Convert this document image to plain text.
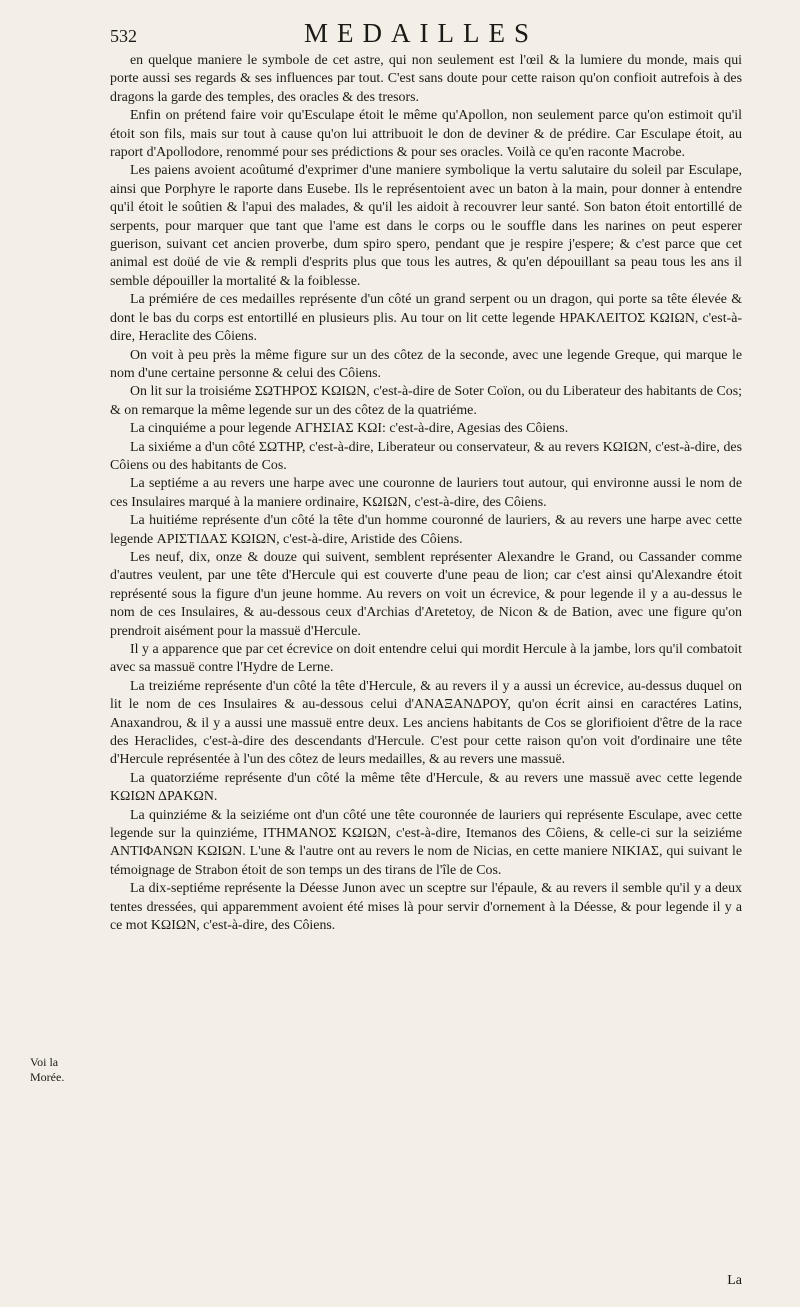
532	MEDAILLES

en quelque maniere le symbole de cet astre, qui non seulement est l'œil & la lumiere du monde, mais qui porte aussi ses regards & ses influences par tout. C'est sans doute pour cette raison qu'on confioit autrefois à des dragons la garde des temples, des oracles & des tresors.

Enfin on prétend faire voir qu'Esculape étoit le même qu'Apollon, non seulement parce qu'on estimoit qu'il étoit son fils, mais sur tout à cause qu'on lui attribuoit le don de deviner & de prédire. Car Esculape étoit, au raport d'Apollodore, renommé pour ses prédictions & pour ses oracles. Voilà ce qu'en raconte Macrobe.

Les paiens avoient acoûtumé d'exprimer d'une maniere symbolique la vertu salutaire du soleil par Esculape, ainsi que Porphyre le raporte dans Eusebe. Ils le représentoient avec un baton à la main, pour donner à entendre qu'il étoit le soûtien & l'apui des malades, & qu'il les aidoit à recouvrer leur santé. Son baton étoit entortillé de serpents, pour marquer que tant que l'ame est dans le corps ou le souffle dans les narines on peut esperer guerison, suivant cet ancien proverbe, dum spiro spero, pendant que je respire j'espere; & c'est parce que cet animal est doüé de vie & rempli d'esprits plus que tous les autres, & qu'en dépouillant sa peau tous les ans il semble dépouiller la mortalité & la foiblesse.

La prémiére de ces medailles représente d'un côté un grand serpent ou un dragon, qui porte sa tête élevée & dont le bas du corps est entortillé en plusieurs plis. Au tour on lit cette legende ΗΡΑΚΛΕΙΤΟΣ ΚΩΙΩΝ, c'est-à-dire, Heraclite des Côiens.

On voit à peu près la même figure sur un des côtez de la seconde, avec une legende Greque, qui marque le nom d'une certaine personne & celui des Côiens.

On lit sur la troisiéme ΣΩΤΗΡΟΣ ΚΩΙΩΝ, c'est-à-dire de Soter Coïon, ou du Liberateur des habitants de Cos; & on remarque la même legende sur un des côtez de la quatriéme.

La cinquiéme a pour legende ΑΓΗΣΙΑΣ ΚΩΙ: c'est-à-dire, Agesias des Côiens.

La sixiéme a d'un côté ΣΩΤΗΡ, c'est-à-dire, Liberateur ou conservateur, & au revers ΚΩΙΩΝ, c'est-à-dire, des Côiens ou des habitants de Cos.

La septiéme a au revers une harpe avec une couronne de lauriers tout autour, qui environne aussi le nom de ces Insulaires marqué à la maniere ordinaire, ΚΩΙΩΝ, c'est-à-dire, des Côiens.

La huitiéme représente d'un côté la tête d'un homme couronné de lauriers, & au revers une harpe avec cette legende ΑΡΙΣΤΙΔΑΣ ΚΩΙΩΝ, c'est-à-dire, Aristide des Côiens.

Les neuf, dix, onze & douze qui suivent, semblent représenter Alexandre le Grand, ou Cassander comme d'autres veulent, par une tête d'Hercule qui est couverte d'une peau de lion; car c'est ainsi qu'Alexandre étoit représenté sous la figure d'un jeune homme. Au revers on voit un écrevice, & pour legende il y a au-dessus le nom de ces Insulaires, & au-dessous ceux d'Archias d'Aretetoy, de Nicon & de Bation, avec une figure qu'on prendroit aisément pour la massuë d'Hercule.

Il y a apparence que par cet écrevice on doit entendre celui qui mordit Hercule à la jambe, lors qu'il combatoit avec sa massuë contre l'Hydre de Lerne.

La treiziéme représente d'un côté la tête d'Hercule, & au revers il y a aussi un écrevice, au-dessus duquel on lit le nom de ces Insulaires & au-dessous celui d'ΑΝΑΞΑΝΔΡΟΥ, qu'on écrit ainsi en caractéres Latins, Anaxandrou, & il y a aussi une massuë entre deux. Les anciens habitants de Cos se glorifioient d'être de la race des Heraclides, c'est-à-dire des descendants d'Hercule. C'est pour cette raison qu'on voit d'ordinaire une tête d'Hercule représentée à l'un des côtez de leurs medailles, & au revers une massuë.

La quatorziéme représente d'un côté la même tête d'Hercule, & au revers une massuë avec cette legende ΚΩΙΩΝ ΔΡΑΚΩΝ.

La quinziéme & la seiziéme ont d'un côté une tête couronnée de lauriers qui représente Esculape, avec cette legende sur la quinziéme, ΙΤΗΜΑΝΟΣ ΚΩΙΩΝ, c'est-à-dire, Itemanos des Côiens, & celle-ci sur la seiziéme ΑΝΤΙΦΑΝΩΝ ΚΩΙΩΝ. L'une & l'autre ont au revers le nom de Nicias, en cette maniere ΝΙΚΙΑΣ, qui suivant le témoignage de Strabon étoit de son temps un des tirans de l'île de Cos.

La dix-septiéme représente la Déesse Junon avec un sceptre sur l'épaule, & au revers il semble qu'il y a deux tentes dressées, qui apparemment avoient été mises là pour servir d'ornement à la Déesse, & pour legende il y a ce mot ΚΩΙΩΝ, c'est-à-dire, des Côiens.

Voi la Morée.
La
